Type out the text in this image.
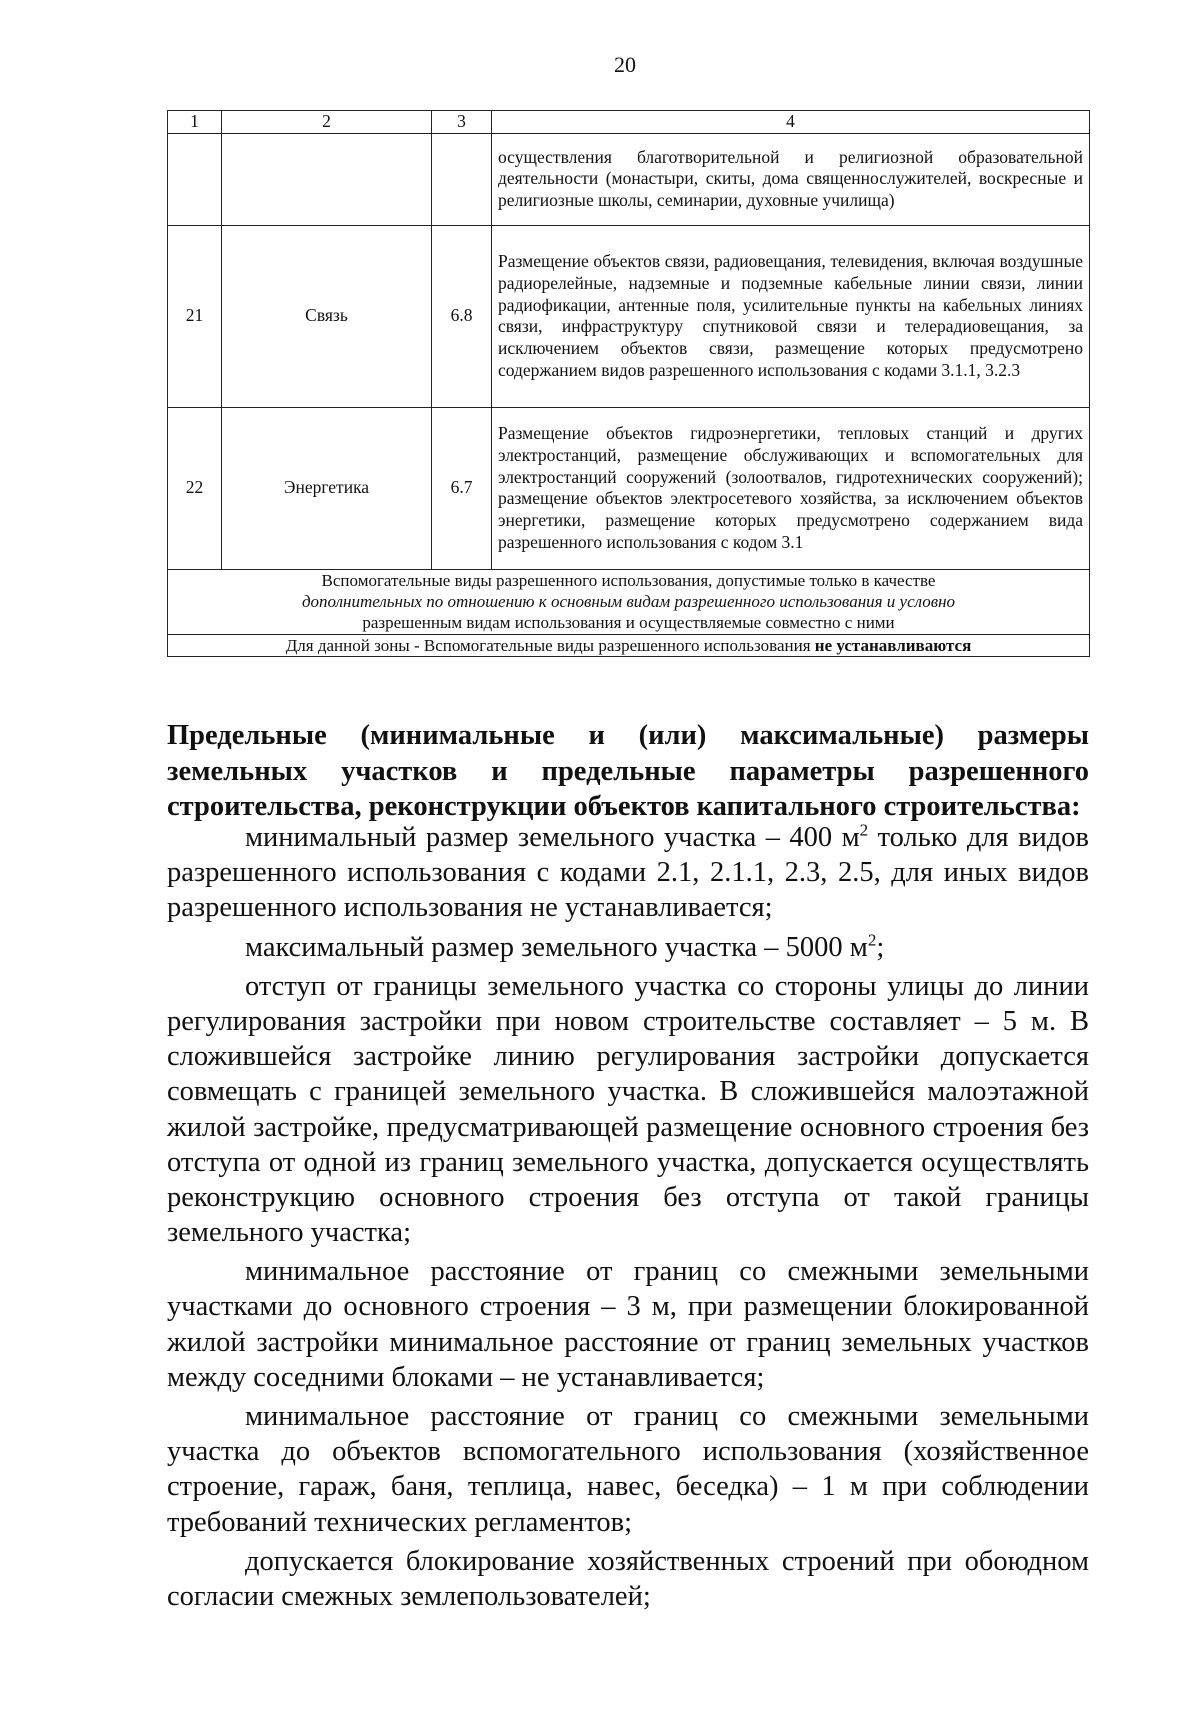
20
1	2	3	4
			осуществления благотворительной и религиозной образовательной деятельности (монастыри, скиты, дома священнослужителей, воскресные и религиозные школы, семинарии, духовные училища)
21	Связь	6.8	Размещение объектов связи, радиовещания, телевидения, включая воздушные радиорелейные, надземные и подземные кабельные линии связи, линии радиофикации, антенные поля, усилительные пункты на кабельных линиях связи, инфраструктуру спутниковой связи и телерадиовещания, за исключением объектов связи, размещение которых предусмотрено содержанием видов разрешенного использования с кодами 3.1.1, 3.2.3
22	Энергетика	6.7	Размещение объектов гидроэнергетики, тепловых станций и других электростанций, размещение обслуживающих и вспомогательных для электростанций сооружений (золоотвалов, гидротехнических сооружений); размещение объектов электросетевого хозяйства, за исключением объектов энергетики, размещение которых предусмотрено содержанием вида разрешенного использования с кодом 3.1

Вспомогательные виды разрешенного использования, допустимые только в качестве
дополнительных по отношению к основным видам разрешенного использования и условно
разрешенным видам использования и осуществляемые совместно с ними			

Для данной зоны - Вспомогательные виды разрешенного использования не устанавливаются			
Предельные (минимальные и (или) максимальные) размеры земельных участков и предельные параметры разрешенного строительства, реконструкции объектов капитального строительства:

минимальный размер земельного участка – 400 $м^2$ только для видов разрешенного использования с кодами 2.1, 2.1.1, 2.3, 2.5, для иных видов разрешенного использования не устанавливается;

максимальный размер земельного участка – 5000 $м^2$;

отступ от границы земельного участка со стороны улицы до линии регулирования застройки при новом строительстве составляет – 5 м. В сложившейся застройке линию регулирования застройки допускается совмещать с границей земельного участка. В сложившейся малоэтажной жилой застройке, предусматривающей размещение основного строения без отступа от одной из границ земельного участка, допускается осуществлять реконструкцию основного строения без отступа от такой границы земельного участка;

минимальное расстояние от границ со смежными земельными участками до основного строения – 3 м, при размещении блокированной жилой застройки минимальное расстояние от границ земельных участков между соседними блоками – не устанавливается;

минимальное расстояние от границ со смежными земельными участка до объектов вспомогательного использования (хозяйственное строение, гараж, баня, теплица, навес, беседка) – 1 м при соблюдении требований технических регламентов;

допускается блокирование хозяйственных строений при обоюдном согласии смежных землепользователей;
